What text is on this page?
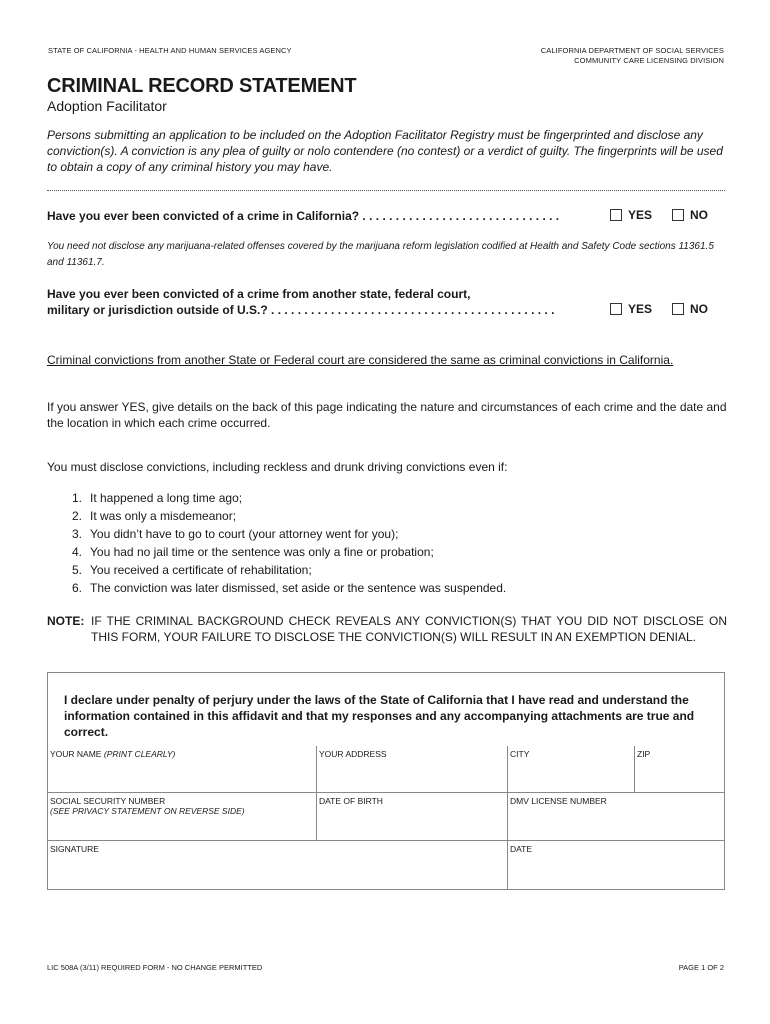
STATE OF CALIFORNIA - HEALTH AND HUMAN SERVICES AGENCY	CALIFORNIA DEPARTMENT OF SOCIAL SERVICES
COMMUNITY CARE LICENSING DIVISION
CRIMINAL RECORD STATEMENT
Adoption Facilitator
Persons submitting an application to be included on the Adoption Facilitator Registry must be fingerprinted and disclose any conviction(s). A conviction is any plea of guilty or nolo contendere (no contest) or a verdict of guilty. The fingerprints will be used to obtain a copy of any criminal history you may have.
Have you ever been convicted of a crime in California? . . . . . . . . . . . . . . . . . . . . . . . . . . . . . .	YES	NO
You need not disclose any marijuana-related offenses covered by the marijuana reform legislation codified at Health and Safety Code sections 11361.5 and 11361.7.
Have you ever been convicted of a crime from another state, federal court,
military or jurisdiction outside of U.S.? . . . . . . . . . . . . . . . . . . . . . . . . . . . . . . . . . . . . . . . . . . .	YES	NO
Criminal convictions from another State or Federal court are considered the same as criminal convictions in California.
If you answer YES, give details on the back of this page indicating the nature and circumstances of each crime and the date and the location in which each crime occurred.
You must disclose convictions, including reckless and drunk driving convictions even if:
1. It happened a long time ago;
2. It was only a misdemeanor;
3. You didn’t have to go to court (your attorney went for you);
4. You had no jail time or the sentence was only a fine or probation;
5. You received a certificate of rehabilitation;
6. The conviction was later dismissed, set aside or the sentence was suspended.
NOTE: IF THE CRIMINAL BACKGROUND CHECK REVEALS ANY CONVICTION(S) THAT YOU DID NOT DISCLOSE ON THIS FORM, YOUR FAILURE TO DISCLOSE THE CONVICTION(S) WILL RESULT IN AN EXEMPTION DENIAL.
I declare under penalty of perjury under the laws of the State of California that I have read and understand the information contained in this affidavit and that my responses and any accompanying attachments are true and correct.
YOUR NAME (PRINT CLEARLY)	YOUR ADDRESS	CITY	ZIP
SOCIAL SECURITY NUMBER
(SEE PRIVACY STATEMENT ON REVERSE SIDE)
DATE OF BIRTH	DMV LICENSE NUMBER
SIGNATURE	DATE
LIC 508A (3/11) REQUIRED FORM - NO CHANGE PERMITTED	PAGE 1 OF 2
